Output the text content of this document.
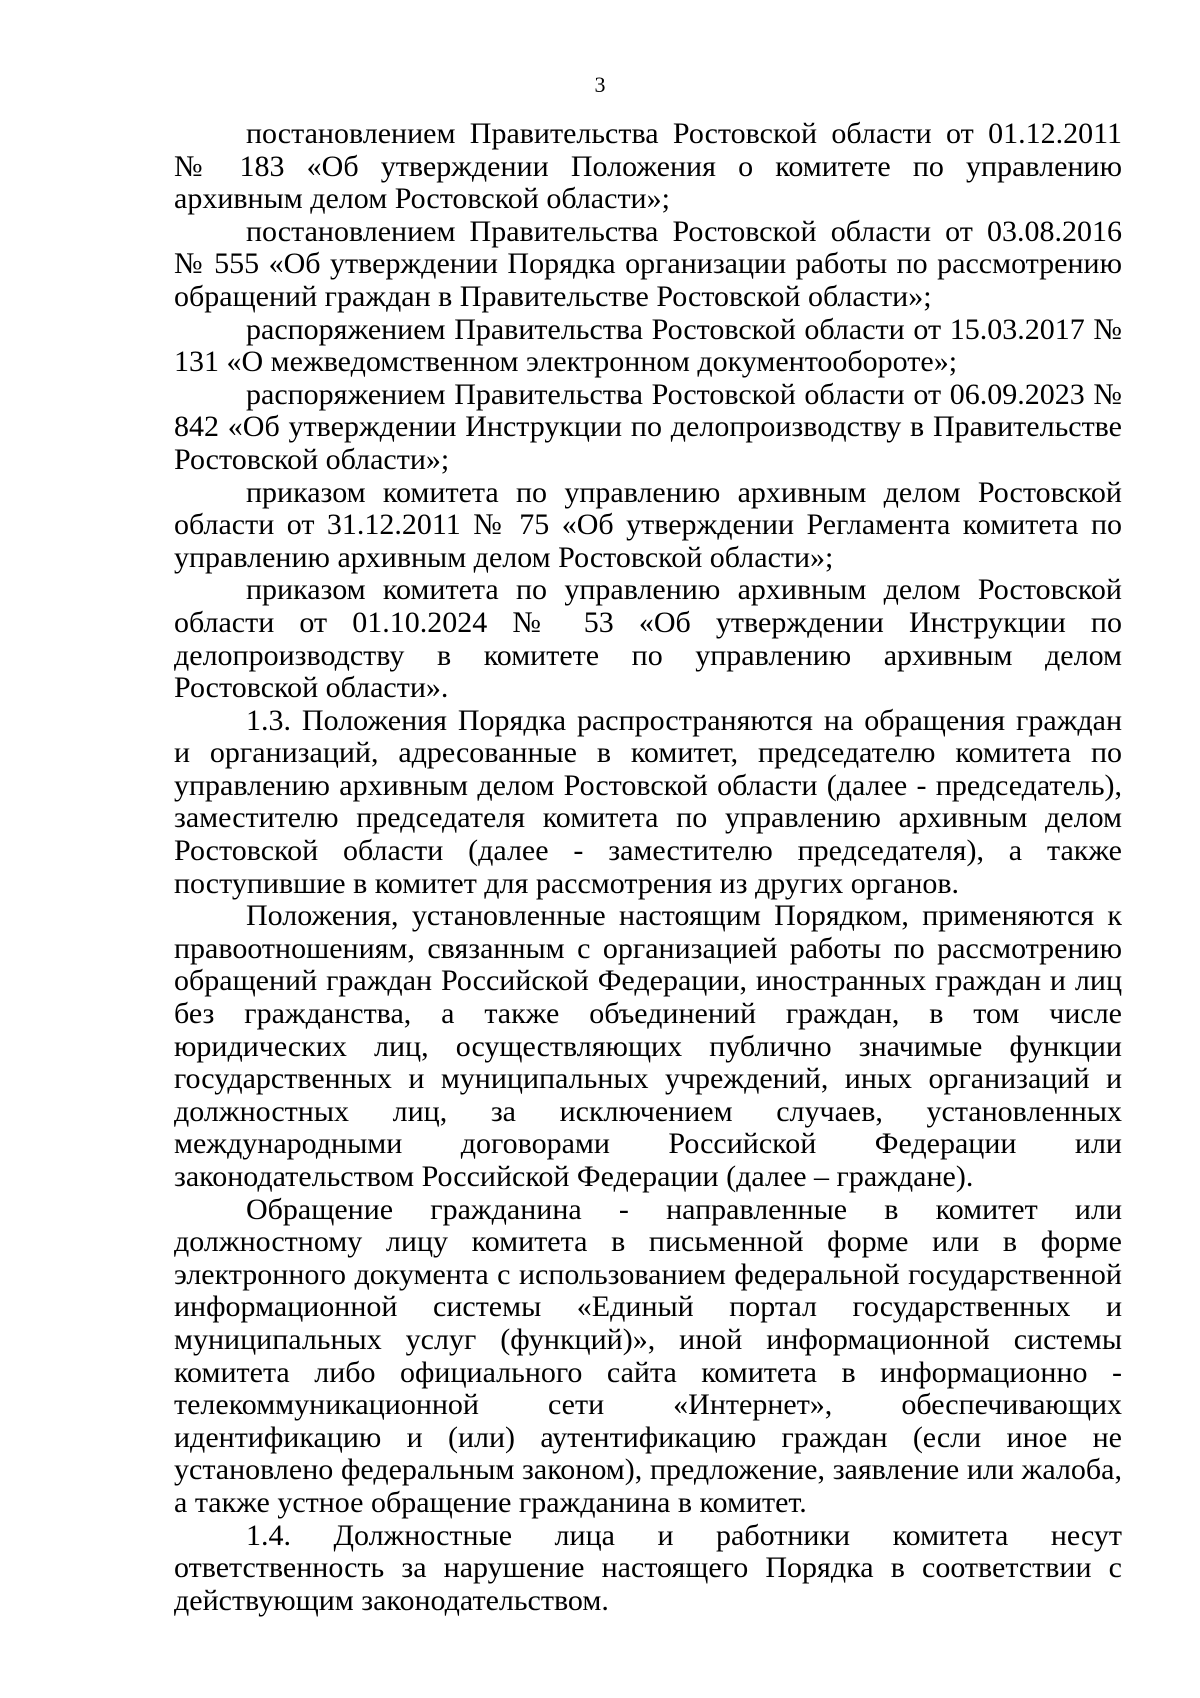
3

постановлением Правительства Ростовской области от 01.12.2011 № 183 «Об утверждении Положения о комитете по управлению архивным делом Ростовской области»;

постановлением Правительства Ростовской области от 03.08.2016 № 555 «Об утверждении Порядка организации работы по рассмотрению обращений граждан в Правительстве Ростовской области»;

распоряжением Правительства Ростовской области от 15.03.2017 № 131 «О межведомственном электронном документообороте»;

распоряжением Правительства Ростовской области от 06.09.2023 № 842 «Об утверждении Инструкции по делопроизводству в Правительстве Ростовской области»;

приказом комитета по управлению архивным делом Ростовской области от 31.12.2011 № 75 «Об утверждении Регламента комитета по управлению архивным делом Ростовской области»;

приказом комитета по управлению архивным делом Ростовской области от 01.10.2024 № 53 «Об утверждении Инструкции по делопроизводству в комитете по управлению архивным делом Ростовской области».

1.3. Положения Порядка распространяются на обращения граждан и организаций, адресованные в комитет, председателю комитета по управлению архивным делом Ростовской области (далее - председатель), заместителю председателя комитета по управлению архивным делом Ростовской области (далее - заместителю председателя), а также поступившие в комитет для рассмотрения из других органов.

Положения, установленные настоящим Порядком, применяются к правоотношениям, связанным с организацией работы по рассмотрению обращений граждан Российской Федерации, иностранных граждан и лиц без гражданства, а также объединений граждан, в том числе юридических лиц, осуществляющих публично значимые функции государственных и муниципальных учреждений, иных организаций и должностных лиц, за исключением случаев, установленных международными договорами Российской Федерации или законодательством Российской Федерации (далее – граждане).

Обращение гражданина - направленные в комитет или должностному лицу комитета в письменной форме или в форме электронного документа с использованием федеральной государственной информационной системы «Единый портал государственных и муниципальных услуг (функций)», иной информационной системы комитета либо официального сайта комитета в информационно - телекоммуникационной сети «Интернет», обеспечивающих идентификацию и (или) аутентификацию граждан (если иное не установлено федеральным законом), предложение, заявление или жалоба, а также устное обращение гражданина в комитет.

1.4. Должностные лица и работники комитета несут ответственность за нарушение настоящего Порядка в соответствии с действующим законодательством.
